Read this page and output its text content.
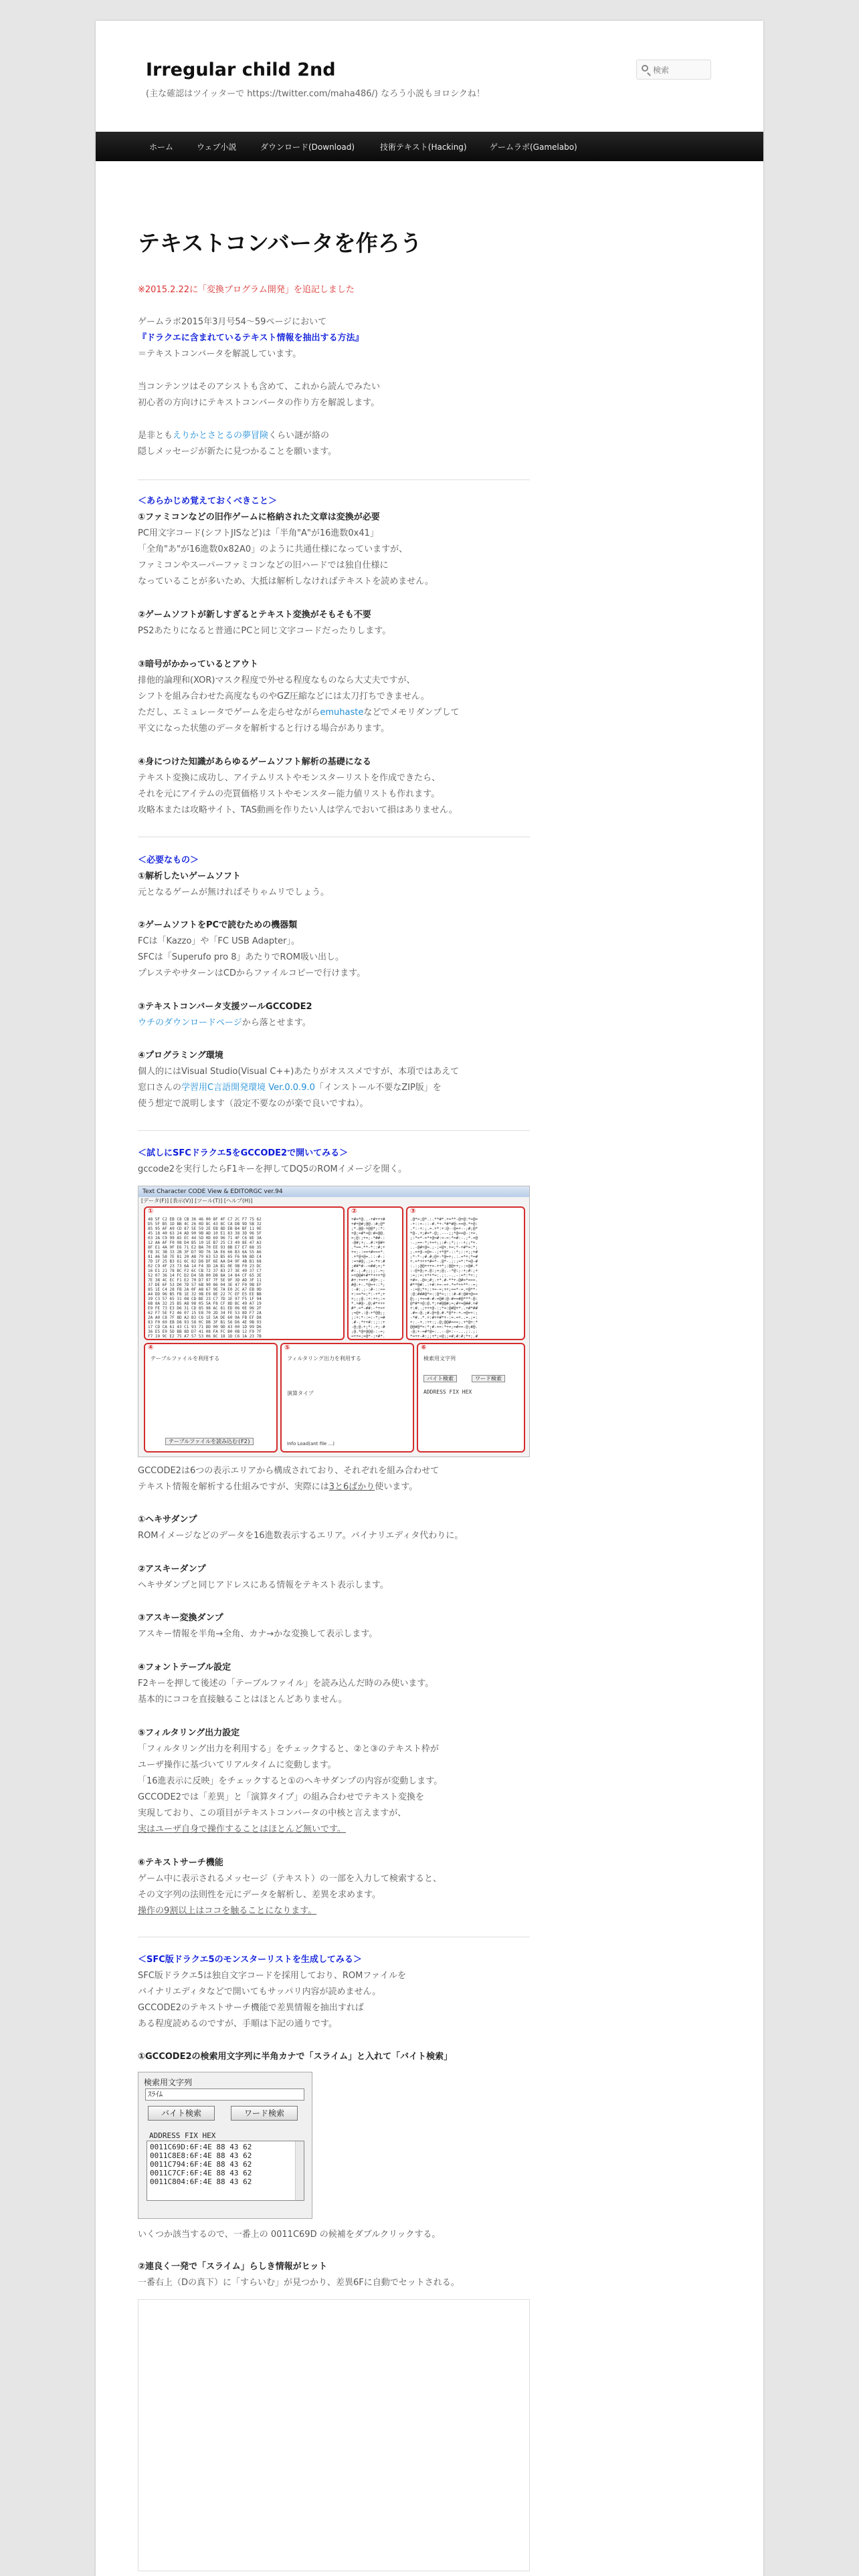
Irregular child 2nd
(主な確認はツイッターで https://twitter.com/maha486/) なろう小説もヨロシクね！
検索
ホーム	ウェブ小説	ダウンロード(Download)	技術テキスト(Hacking)	ゲームラボ(Gamelabo)
テキストコンバータを作ろう
※2015.2.22に「変換プログラム開発」を追記しました
ゲームラボ2015年3月号54〜59ページにおいて
『ドラクエに含まれているテキスト情報を抽出する方法』
＝テキストコンバータを解説しています。
当コンテンツはそのアシストも含めて、これから読んでみたい
初心者の方向けにテキストコンバータの作り方を解説します。
是非ともえりかとさとるの夢冒険くらい謎が絡の
隠しメッセージが新たに見つかることを願います。
＜あらかじめ覚えておくべきこと＞
①ファミコンなどの旧作ゲームに格納された文章は変換が必要
PC用文字コード(シフトJISなど)は「半角"A"が16進数0x41」
「全角"あ"が16進数0x82A0」のように共通仕様になっていますが、
ファミコンやスーパーファミコンなどの旧ハードでは独自仕様に
なっていることが多いため、大抵は解析しなければテキストを読めません。
②ゲームソフトが新しすぎるとテキスト変換がそもそも不要
PS2あたりになると普通にPCと同じ文字コードだったりします。
③暗号がかかっているとアウト
排他的論理和(XOR)マスク程度で外せる程度なものなら大丈夫ですが、
シフトを組み合わせた高度なものやGZ圧縮などには太刀打ちできません。
ただし、エミュレータでゲームを走らせながらemuhasteなどでメモリダンプして
平文になった状態のデータを解析すると行ける場合があります。
④身につけた知識があらゆるゲームソフト解析の基礎になる
テキスト変換に成功し、アイテムリストやモンスターリストを作成できたら、
それを元にアイテムの売買価格リストやモンスター能力値リストも作れます。
攻略本または攻略サイト、TAS動画を作りたい人は学んでおいて損はありません。
＜必要なもの＞
①解析したいゲームソフト
元となるゲームが無ければそりゃムリでしょう。
②ゲームソフトをPCで読むための機器類
FCは「Kazzo」や「FC USB Adapter」。
SFCは「Superufo pro 8」あたりでROM吸い出し。
プレステやサターンはCDからファイルコピーで行けます。
③テキストコンバータ支援ツールGCCODE2
ウチのダウンロードページから落とせます。
④プログラミング環境
個人的にはVisual Studio(Visual C++)あたりがオススメですが、本項ではあえて
窓口さんの学習用C言語開発環境 Ver.0.0.9.0「インストール不要なZIP版」を
使う想定で説明します（設定不要なのが楽で良いですね）。
＜試しにSFCドラクエ5をGCCODE2で開いてみる＞
gccode2を実行したらF1キーを押してDQ5のROMイメージを開く。
Text Character CODE View & EDITORGC ver.94
[データ(F)] [表示(V)] [ツール(T)] [ヘルプ(H)]
①
48 5F C2 EB C8 CB 36 46 00 8F 4F C7 2C F7 75 62
D5 5F B5 1D BB 4C 26 0D 8C 43 8C CA DB 9D 5B 32
85 95 AF A9 CD 87 5E 59 2E EB 8D EB B4 BF 11 0E
45 18 40 63 24 AD 90 9B AD 10 E1 83 38 3D 96 5F
03 2A C9 99 A5 EC 44 5D 0D 69 96 71 4F C6 8E 3A
12 AA AF F0 08 D4 B5 10 1E B7 25 C3 49 8E 47 A3
8F E1 4A 9F E6 71 E2 BA 70 EE 93 BB E7 E7 88 35
FB 3C 3B 33 2B 3F D7 9D 76 3A E6 66 B3 6A 55 A6
81 A6 58 7E 81 20 A8 79 63 53 B5 65 F6 9A 8D C4
7D 1F 25 B3 61 6C 82 D8 DF 6E AA D4 9F 4B B1 68
02 C9 4F 23 73 6A 14 F4 3D 2A B1 0E 9B F0 23 DC
16 E1 21 78 BC F2 6C CB 72 37 83 27 3E 49 37 C7
52 07 36 14 FC D2 D4 5B 00 D8 8A 14 84 CF 65 3E
7E 38 4C EC F1 E2 70 D7 97 7F 5E 9F 3D AD 3F 11
37 DE 6F 53 D0 7D 57 6B 90 86 04 3E 47 F0 9B EF
85 1E C4 28 FB 2A 0F A8 67 9E 7A E0 2C A7 EB 0D
A4 DD 96 B5 FB 1E 32 9B E9 8E 22 7C EF E5 EE BB
39 C3 57 65 31 08 CD BE 23 C7 7D 1E 97 F5 1F 94
6B 8A 32 25 B5 A8 98 05 5A F8 CF 8D BC 49 A7 19
E9 FE 73 E3 D6 31 CD 85 98 AC 81 ED 06 0E 96 2F
62 F7 5E F2 46 07 15 E8 70 2D 34 FE 53 8D F7 2A
2A A0 C8 7F 8D A2 B3 C6 1E 5A DE 60 9A FB EF D8
83 F0 69 EB D8 93 58 0C DB 3F B1 56 D6 4E 9B 93
17 CD CA 61 43 C1 93 71 DD 00 9D 43 00 1D 99 D6
36 E5 E9 5D BB 8D D7 41 08 FA FC B0 0B 12 F9 7F
F7 19 9C E2 75 A7 57 53 06 8C 18 1D C6 1A 23 7B

②
+#=*@..-+#+++#
+#+@#;@@-:#;@*
;*.@@-+@@*;:*:
+@;=#*=@:#=@@.
=;@:;+=;-*##-:
-@#;+;..#:+@#+
.*==.**-*::#;+
+=;-:==+#===*.
.+*@+@=.::-#-:
:=+#@;.;=-*+:#
;##*#--=##;=;*
#:.;.#;;;;:.=;
=+@@#+#**+++*@
#+:+=++.#@+.;-
#@:+-.*@=+::*;
:-#:.;-:#-::==
+:==*=;*:-+*;+
+;;;@.:+:++;:=
*.+#@-.@;#*+++
#*.=*-##:-*+=+
;=@+.:@-+*@@;;
;:+:*-:=:-*;=#
.#-.*++#::;::+
-@;@.+;*:.+;-#
;@.*@+@@@-:-=;
=++=;=@*-;+#*.

③
.@*=;@*.:.**#*.+=**-@+@:*=@=
-+::=-::-#.*+-*#*#@-==@.*+@:
.*:-+:;.=.+*:+:@--@=+--;#;@*
*@-.+;#=*-@;.---;;*@==@-:+=.
;:*=*-=*+@=#:=-=:*=#:-.;*.=@
-.;==-*;+=+;;:#-;*;;--+;;*+.
..-@#+@=.;-;=@+.+=;*-+#*=:*;
;.=+@-=@=--;+*@*-::*;::+;;+#
;*-*-;#.#;@+-*@=+;.:.=*+;*=#
+.=*+++*#=*-.@*-.;:;=*:*=@-#
:.:;@@+++=-++*;:@@++;-:=@#.*
:-@+@;=.@:;=;@;.-*@:;-+;#:;+
:=;:=:+*+*=:.;:.-..-:=*:*+:;
+#=.-@=;#;.+*.#-**+-@#=*===.
#**@#:.:+#:+=-=+.*=*++**--=;
-:=@;*+;:+=-=;++;==*-=.+@**-
:@:###@*=::@*=;:::#-#:@#+@==
@;-;+==#-#-=@#:@-#==#@***-@:
@*#*+@:@.*;+#@@#;=;#+=@##.+#
+:#..;+++@-:;*=:@#@+*..+#*##
.#=-@.;#.@+@.#.*@*+-+.=@=+:;
-*#..*.+:#++#*+-:=.=+..=.;=:
+:.-+.:++:;.@;@@#===;.+*@+:*
@@#@*=:*;#-==:*+=;=#==-@;#@.
-@;+-=#*@=:..--@+:--...;:.;:
*=++-#:;;+*;=@;;=#;#:#;*+;.#

④
テーブルファイルを利用する
テーブルファイルを読み込む(F2)
⑤
フィルタリング出力を利用する
演算タイプ
Info Load(ant file ...)
⑥
検索用文字列
バイト検索	ワード検索
ADDRESS FIX HEX
GCCODE2は6つの表示エリアから構成されており、それぞれを組み合わせて
テキスト情報を解析する仕組みですが、実際には3と6ばかり使います。
①ヘキサダンプ
ROMイメージなどのデータを16進数表示するエリア。バイナリエディタ代わりに。
②アスキーダンプ
ヘキサダンプと同じアドレスにある情報をテキスト表示します。
③アスキー変換ダンプ
アスキー情報を半角→全角、カナ→かな変換して表示します。
④フォントテーブル設定
F2キーを押して後述の「テーブルファイル」を読み込んだ時のみ使います。
基本的にココを直接触ることはほとんどありません。
⑤フィルタリング出力設定
「フィルタリング出力を利用する」をチェックすると、②と③のテキスト枠が
ユーザ操作に基づいてリアルタイムに変動します。
「16進表示に反映」をチェックすると①のヘキサダンプの内容が変動します。
GCCODE2では「差異」と「演算タイプ」の組み合わせでテキスト変換を
実現しており、この項目がテキストコンバータの中核と言えますが、
実はユーザ自身で操作することはほとんど無いです。
⑥テキストサーチ機能
ゲーム中に表示されるメッセージ（テキスト）の一部を入力して検索すると、
その文字列の法則性を元にデータを解析し、差異を求めます。
操作の9割以上はココを触ることになります。
＜SFC版ドラクエ5のモンスターリストを生成してみる＞
SFC版ドラクエ5は独自文字コードを採用しており、ROMファイルを
バイナリエディタなどで開いてもサッパリ内容が読めません。
GCCODE2のテキストサーチ機能で差異情報を抽出すれば
ある程度読めるのですが、手順は下記の通りです。
①GCCODE2の検索用文字列に半角カナで「スライム」と入れて「バイト検索」
検索用文字列
ｽﾗｲﾑ
バイト検索	ワード検索
ADDRESS FIX HEX
0011C69D:6F:4E 88 43 62
0011C8E8:6F:4E 88 43 62
0011C794:6F:4E 88 43 62
0011C7CF:6F:4E 88 43 62
0011C804:6F:4E 88 43 62
いくつか該当するので、一番上の 0011C69D の候補をダブルクリックする。
②連良く一発で「スライム」らしき情報がヒット
一番右上（Dの真下）に「すらいむ」が見つかり、差異6Fに自動でセットされる。
